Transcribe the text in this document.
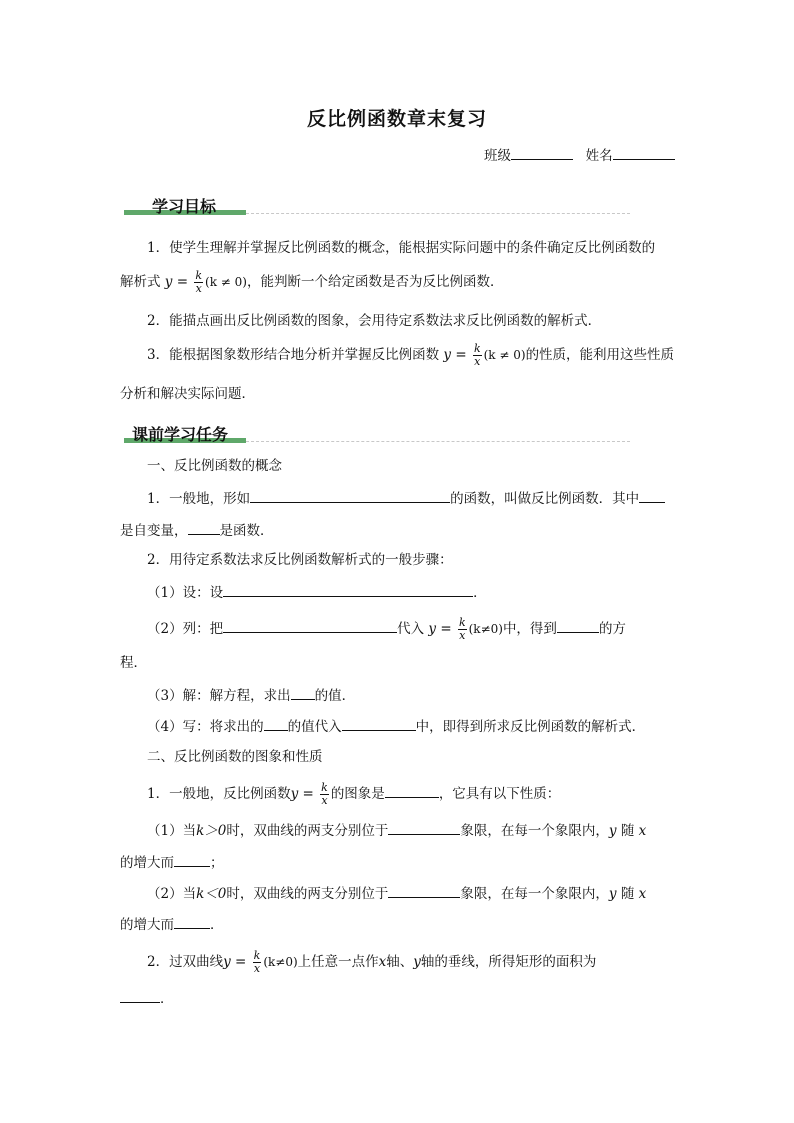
反比例函数章末复习
班级	姓名
学习目标
1．使学生理解并掌握反比例函数的概念，能根据实际问题中的条件确定反比例函数的
解析式 $y = \frac{k}{x} (k \ne 0)$，能判断一个给定函数是否为反比例函数．
2．能描点画出反比例函数的图象，会用待定系数法求反比例函数的解析式．
3．能根据图象数形结合地分析并掌握反比例函数 $y = \frac{k}{x} (k \ne 0)$的性质，能利用这些性质
分析和解决实际问题．
课前学习任务
一、反比例函数的概念
1．一般地，形如	的函数，叫做反比例函数．其中
是自变量， 是函数．
2．用待定系数法求反比例函数解析式的一般步骤：
（1）设：设	．
（2）列：把	代入 $y = \frac{k}{x} (k\ne 0)$中，得到	的方
程．
（3）解：解方程，求出 的值．
（4）写：将求出的 的值代入	中，即得到所求反比例函数的解析式．
二、反比例函数的图象和性质
1．一般地，反比例函数$y = \frac{k}{x}$ 的图象是	，它具有以下性质：
（1）当k＞0时，双曲线的两支分别位于	象限，在每一个象限内，y 随 x
的增大而	；
（2）当k＜0时，双曲线的两支分别位于	象限，在每一个象限内，y 随 x
的增大而	．
2．过双曲线$y = \frac{k}{x} (k\ne 0)$上任意一点作x轴、y轴的垂线，所得矩形的面积为
．
